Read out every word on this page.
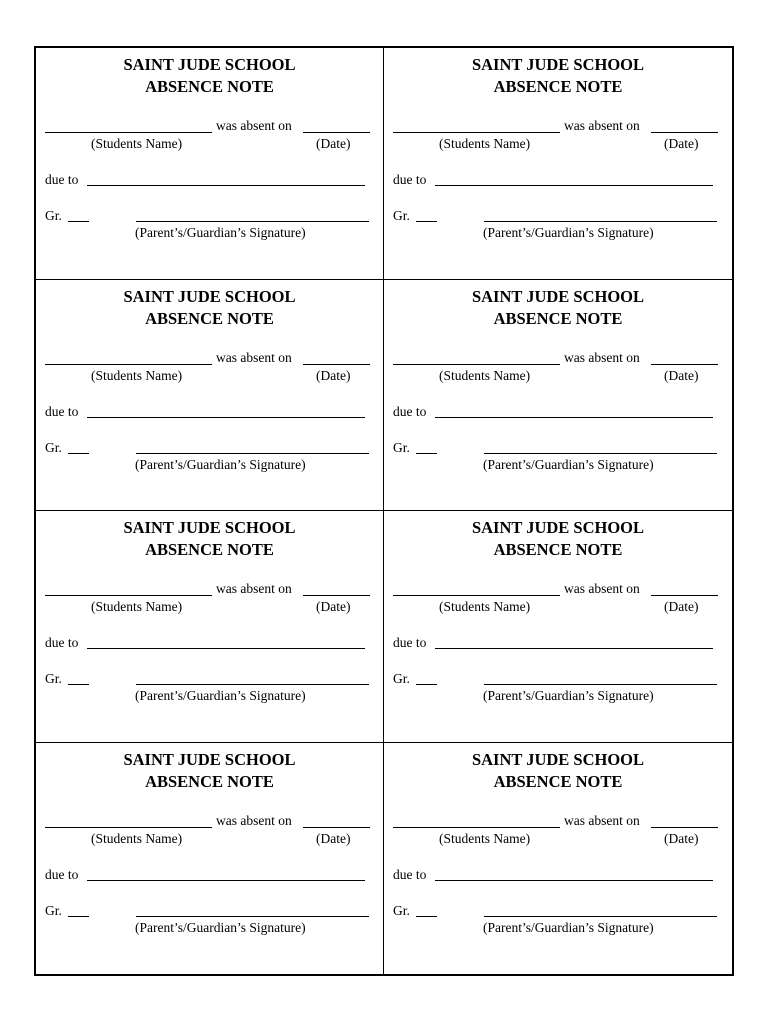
SAINT JUDE SCHOOL
ABSENCE NOTE
was absent on
(Students Name)	(Date)
due to
Gr.
(Parent’s/Guardian’s Signature)
SAINT JUDE SCHOOL
ABSENCE NOTE
was absent on
(Students Name)	(Date)
due to
Gr.
(Parent’s/Guardian’s Signature)
SAINT JUDE SCHOOL
ABSENCE NOTE
was absent on
(Students Name)	(Date)
due to
Gr.
(Parent’s/Guardian’s Signature)
SAINT JUDE SCHOOL
ABSENCE NOTE
was absent on
(Students Name)	(Date)
due to
Gr.
(Parent’s/Guardian’s Signature)
SAINT JUDE SCHOOL
ABSENCE NOTE
was absent on
(Students Name)	(Date)
due to
Gr.
(Parent’s/Guardian’s Signature)
SAINT JUDE SCHOOL
ABSENCE NOTE
was absent on
(Students Name)	(Date)
due to
Gr.
(Parent’s/Guardian’s Signature)
SAINT JUDE SCHOOL
ABSENCE NOTE
was absent on
(Students Name)	(Date)
due to
Gr.
(Parent’s/Guardian’s Signature)
SAINT JUDE SCHOOL
ABSENCE NOTE
was absent on
(Students Name)	(Date)
due to
Gr.
(Parent’s/Guardian’s Signature)
